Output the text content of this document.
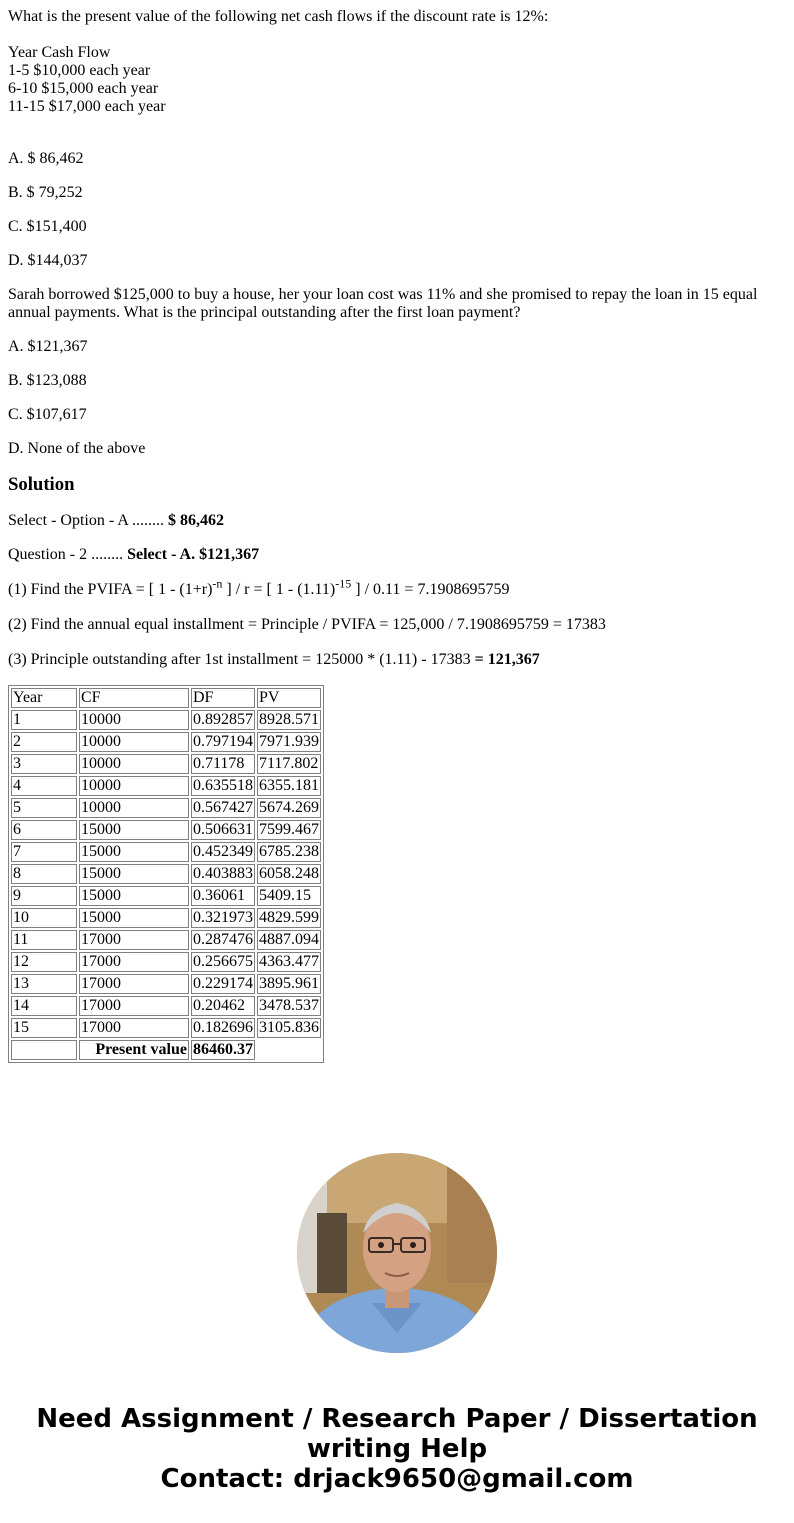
What is the present value of the following net cash flows if the discount rate is 12%:

Year Cash Flow
1-5 $10,000 each year
6-10 $15,000 each year
11-15 $17,000 each year

A. $ 86,462

B. $ 79,252

C. $151,400

D. $144,037

Sarah borrowed $125,000 to buy a house, her your loan cost was 11% and she promised to repay the loan in 15 equal annual payments. What is the principal outstanding after the first loan payment?

A. $121,367

B. $123,088

C. $107,617

D. None of the above

Solution

Select - Option - A ........ $ 86,462

Question - 2 ........ Select - A. $121,367

(1) Find the PVIFA = [ $1 - (1+r)^{-n}$ ] / r = [ $1 - (1.11)^{-15}$ ] / 0.11 = 7.1908695759

(2) Find the annual equal installment = Principle / PVIFA = 125,000 / 7.1908695759 = 17383

(3) Principle outstanding after 1st installment = 125000 * (1.11) - 17383 = 121,367

Year	CF	DF	PV
1	10000	0.892857	8928.571
2	10000	0.797194	7971.939
3	10000	0.71178	7117.802
4	10000	0.635518	6355.181
5	10000	0.567427	5674.269
6	15000	0.506631	7599.467
7	15000	0.452349	6785.238
8	15000	0.403883	6058.248
9	15000	0.36061	5409.15
10	15000	0.321973	4829.599
11	17000	0.287476	4887.094
12	17000	0.256675	4363.477
13	17000	0.229174	3895.961
14	17000	0.20462	3478.537
15	17000	0.182696	3105.836
	Present value	86460.37	
Need Assignment / Research Paper / Dissertation
writing Help
Contact: drjack9650@gmail.com
